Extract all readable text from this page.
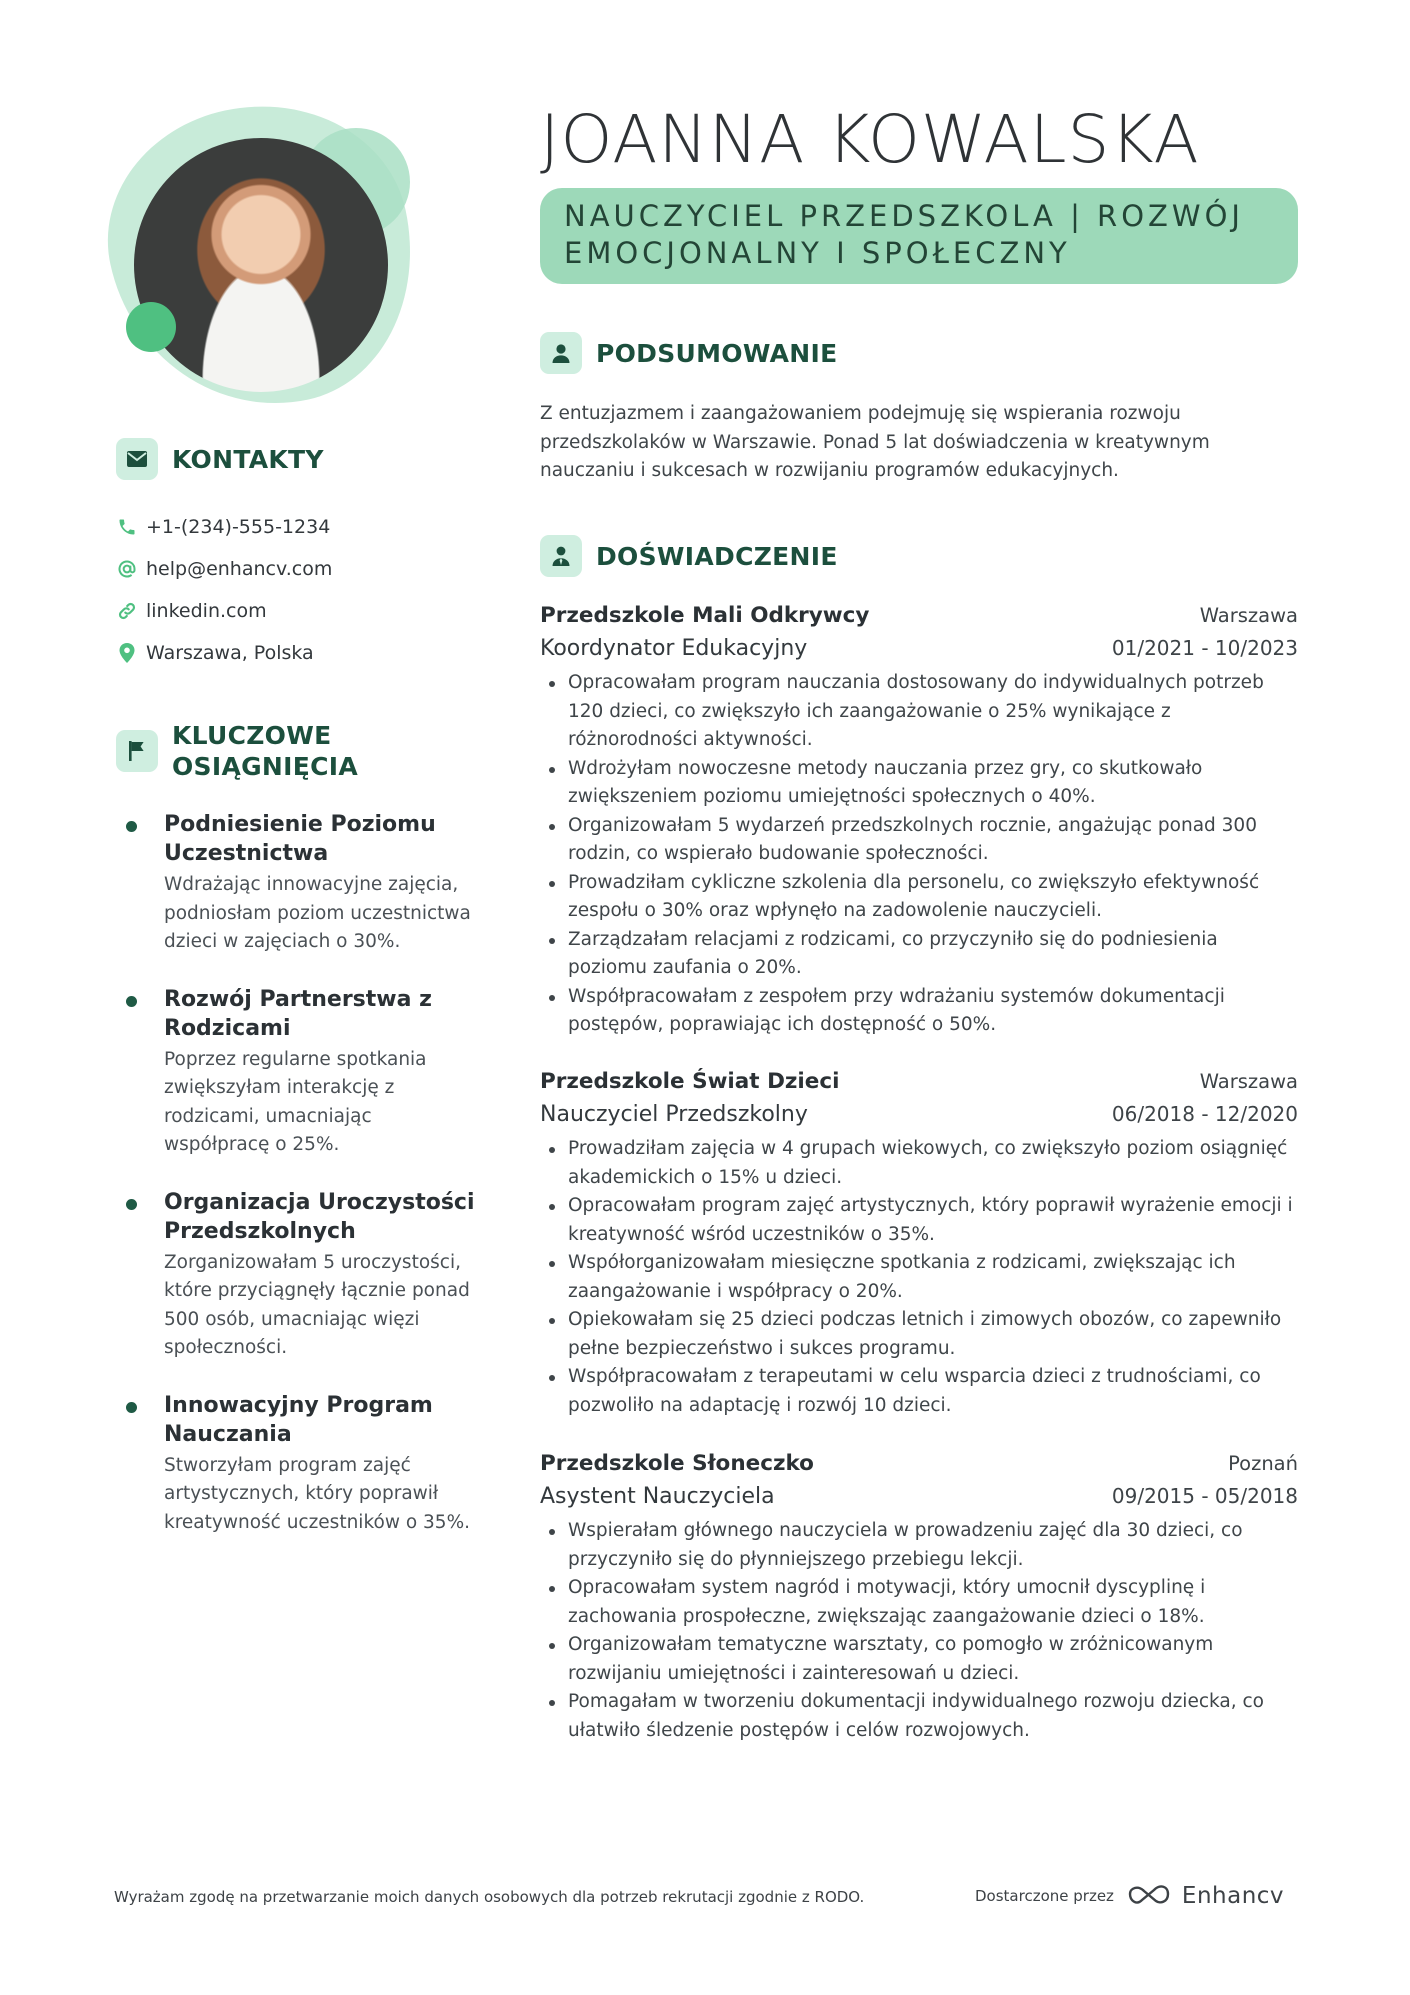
JOANNA KOWALSKA
NAUCZYCIEL PRZEDSZKOLA | ROZWÓJ EMOCJONALNY I SPOŁECZNY
KONTAKTY
+1-(234)-555-1234
help@enhancv.com
linkedin.com
Warszawa, Polska
KLUCZOWE OSIĄGNIĘCIA
Podniesienie Poziomu Uczestnictwa
Wdrażając innowacyjne zajęcia, podniosłam poziom uczestnictwa dzieci w zajęciach o 30%.
Rozwój Partnerstwa z Rodzicami
Poprzez regularne spotkania zwiększyłam interakcję z rodzicami, umacniając współpracę o 25%.
Organizacja Uroczystości Przedszkolnych
Zorganizowałam 5 uroczystości, które przyciągnęły łącznie ponad 500 osób, umacniając więzi społeczności.
Innowacyjny Program Nauczania
Stworzyłam program zajęć artystycznych, który poprawił kreatywność uczestników o 35%.
PODSUMOWANIE
Z entuzjazmem i zaangażowaniem podejmuję się wspierania rozwoju przedszkolaków w Warszawie. Ponad 5 lat doświadczenia w kreatywnym nauczaniu i sukcesach w rozwijaniu programów edukacyjnych.
DOŚWIADCZENIE
Przedszkole Mali Odkrywcy	Warszawa
Koordynator Edukacyjny	01/2021 - 10/2023
Opracowałam program nauczania dostosowany do indywidualnych potrzeb 120 dzieci, co zwiększyło ich zaangażowanie o 25% wynikające z różnorodności aktywności.
Wdrożyłam nowoczesne metody nauczania przez gry, co skutkowało zwiększeniem poziomu umiejętności społecznych o 40%.
Organizowałam 5 wydarzeń przedszkolnych rocznie, angażując ponad 300 rodzin, co wspierało budowanie społeczności.
Prowadziłam cykliczne szkolenia dla personelu, co zwiększyło efektywność zespołu o 30% oraz wpłynęło na zadowolenie nauczycieli.
Zarządzałam relacjami z rodzicami, co przyczyniło się do podniesienia poziomu zaufania o 20%.
Współpracowałam z zespołem przy wdrażaniu systemów dokumentacji postępów, poprawiając ich dostępność o 50%.
Przedszkole Świat Dzieci	Warszawa
Nauczyciel Przedszkolny	06/2018 - 12/2020
Prowadziłam zajęcia w 4 grupach wiekowych, co zwiększyło poziom osiągnięć akademickich o 15% u dzieci.
Opracowałam program zajęć artystycznych, który poprawił wyrażenie emocji i kreatywność wśród uczestników o 35%.
Współorganizowałam miesięczne spotkania z rodzicami, zwiększając ich zaangażowanie i współpracy o 20%.
Opiekowałam się 25 dzieci podczas letnich i zimowych obozów, co zapewniło pełne bezpieczeństwo i sukces programu.
Współpracowałam z terapeutami w celu wsparcia dzieci z trudnościami, co pozwoliło na adaptację i rozwój 10 dzieci.
Przedszkole Słoneczko	Poznań
Asystent Nauczyciela	09/2015 - 05/2018
Wspierałam głównego nauczyciela w prowadzeniu zajęć dla 30 dzieci, co przyczyniło się do płynniejszego przebiegu lekcji.
Opracowałam system nagród i motywacji, który umocnił dyscyplinę i zachowania prospołeczne, zwiększając zaangażowanie dzieci o 18%.
Organizowałam tematyczne warsztaty, co pomogło w zróżnicowanym rozwijaniu umiejętności i zainteresowań u dzieci.
Pomagałam w tworzeniu dokumentacji indywidualnego rozwoju dziecka, co ułatwiło śledzenie postępów i celów rozwojowych.
Wyrażam zgodę na przetwarzanie moich danych osobowych dla potrzeb rekrutacji zgodnie z RODO.	Dostarczone przez	Enhancv
